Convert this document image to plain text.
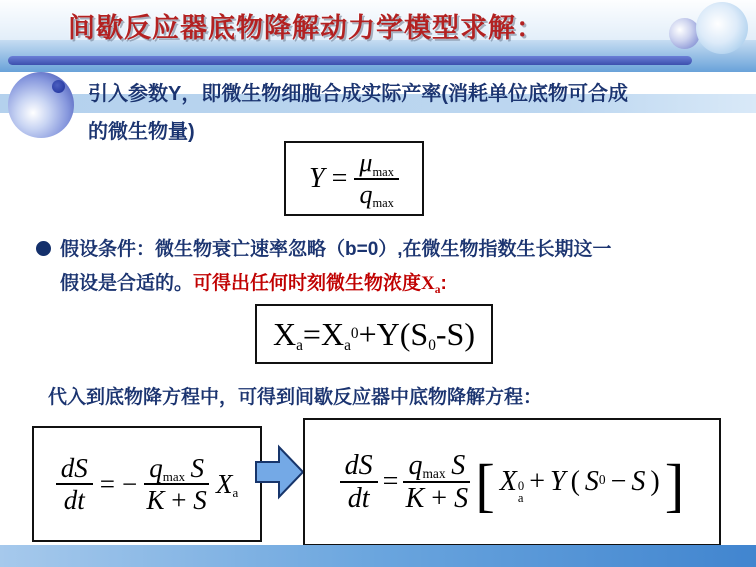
间歇反应器底物降解动力学模型求解：
引入参数Y，即微生物细胞合成实际产率(消耗单位底物可合成
的微生物量)
$Y = \frac{\mu\max}{qmax}$
假设条件：微生物衰亡速率忽略（b=0）,在微生物指数生长期这一
假设是合适的。可得出任何时刻微生物浓度$X_a$:
$Xa = Xa^0 + Y$ ( S0 - S )
代入到底物降方程中，可得到间歇反应器中底物降解方程：
$\frac{dS}{dt}$ = − $\frac{\text{qmax  S}}{K + S}$ Xa	$\frac{dS}{dt} = \frac{\text{qmax  S}}{K + S}$ [ X 0
a
+ Y ( $S^0 - S$ ) ]
